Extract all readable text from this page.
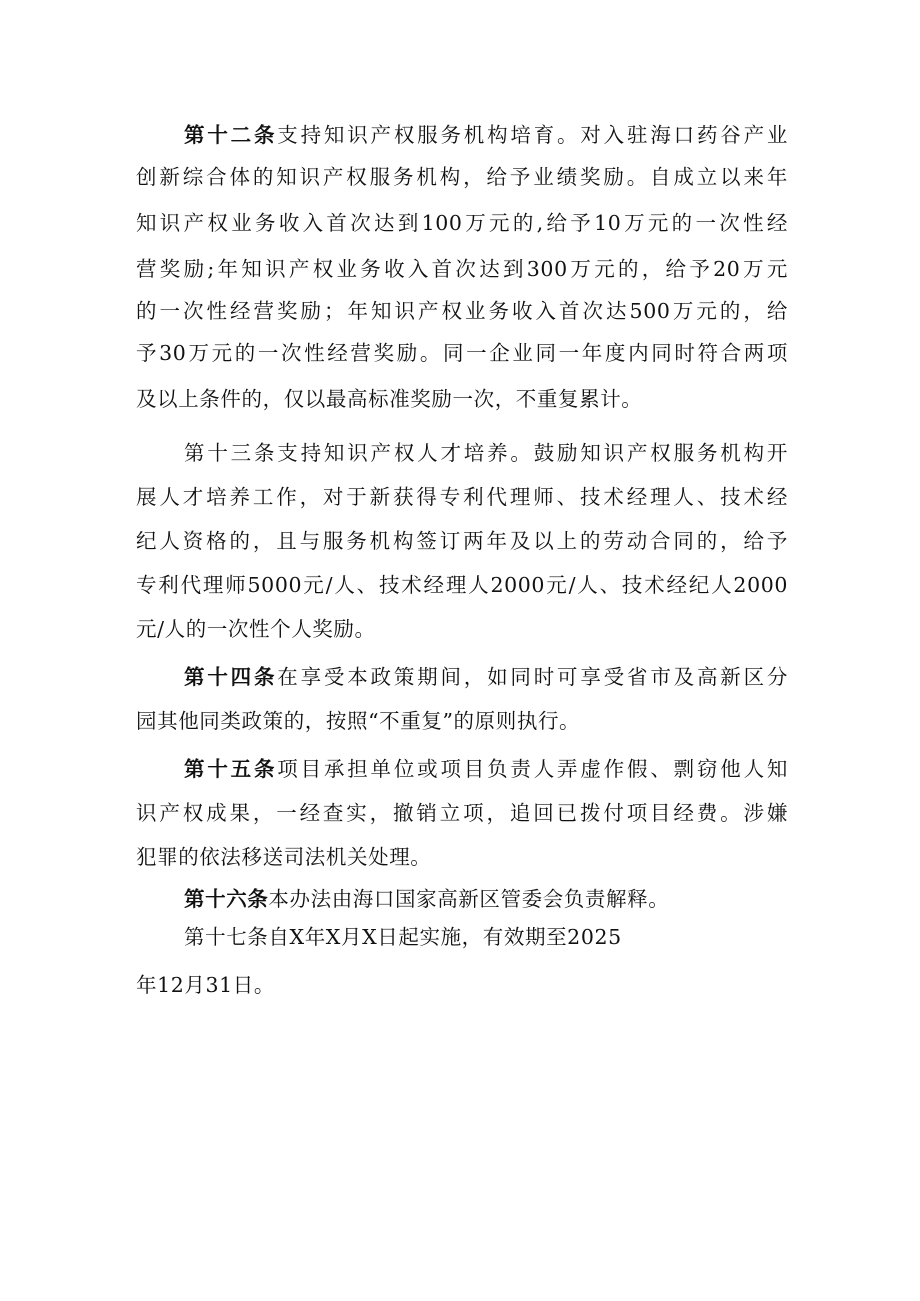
第十二条支持知识产权服务机构培育。对入驻海口药谷产业
创新综合体的知识产权服务机构，给予业绩奖励。自成立以来年
知识产权业务收入首次达到100万元的,给予10万元的一次性经
营奖励;年知识产权业务收入首次达到300万元的，给予20万元
的一次性经营奖励；年知识产权业务收入首次达500万元的，给
予30万元的一次性经营奖励。同一企业同一年度内同时符合两项
及以上条件的，仅以最高标准奖励一次，不重复累计。
第十三条支持知识产权人才培养。鼓励知识产权服务机构开
展人才培养工作，对于新获得专利代理师、技术经理人、技术经
纪人资格的，且与服务机构签订两年及以上的劳动合同的，给予
专利代理师5000元/人、技术经理人2000元/人、技术经纪人2000
元/人的一次性个人奖励。
第十四条在享受本政策期间，如同时可享受省市及高新区分
园其他同类政策的，按照“不重复”的原则执行。
第十五条项目承担单位或项目负责人弄虚作假、剽窃他人知
识产权成果，一经查实，撤销立项，追回已拨付项目经费。涉嫌
犯罪的依法移送司法机关处理。
第十六条本办法由海口国家高新区管委会负责解释。
第十七条自X年X月X日起实施，有效期至2025
年12月31日。
